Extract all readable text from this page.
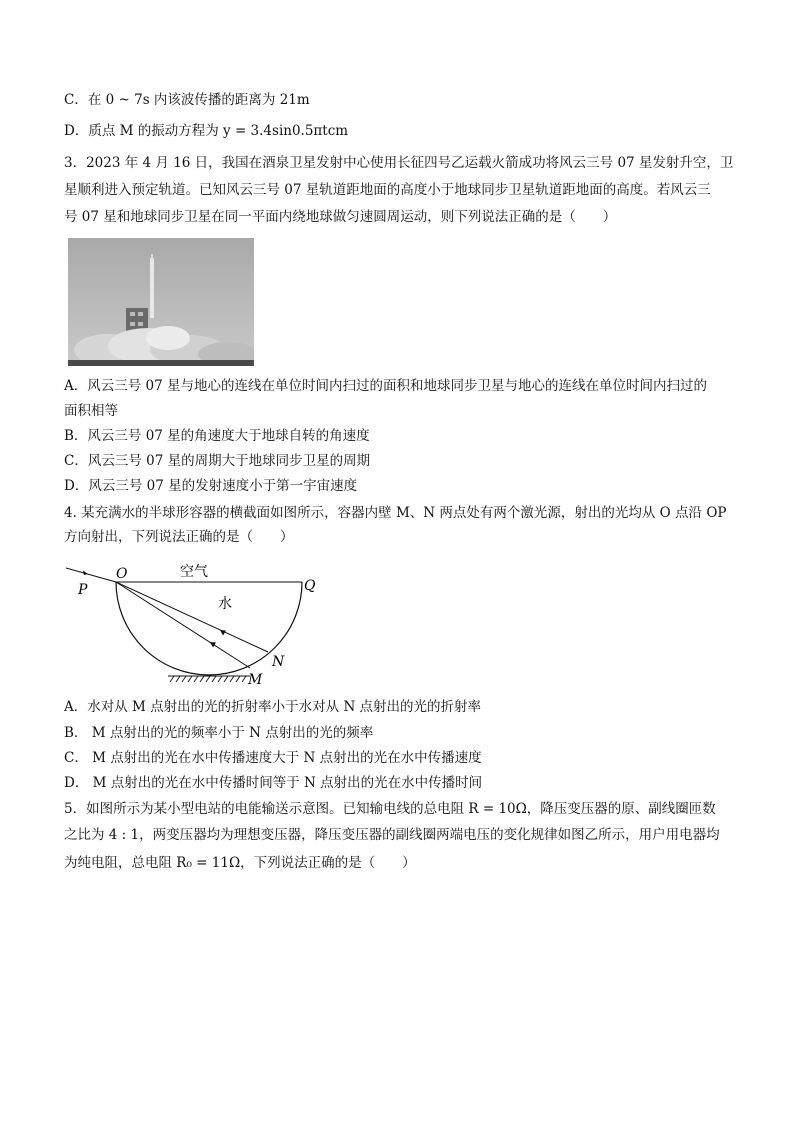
C．在 0 ~ 7s 内该波传播的距离为 21m
D．质点 M 的振动方程为 y = 3.4sin0.5πtcm
3．2023 年 4 月 16 日，我国在酒泉卫星发射中心使用长征四号乙运载火箭成功将风云三号 07 星发射升空，卫
星顺利进入预定轨道。已知风云三号 07 星轨道距地面的高度小于地球同步卫星轨道距地面的高度。若风云三
号 07 星和地球同步卫星在同一平面内绕地球做匀速圆周运动，则下列说法正确的是（　　）
A．风云三号 07 星与地心的连线在单位时间内扫过的面积和地球同步卫星与地心的连线在单位时间内扫过的
面积相等
B．风云三号 07 星的角速度大于地球自转的角速度
C．风云三号 07 星的周期大于地球同步卫星的周期
D．风云三号 07 星的发射速度小于第一宇宙速度
4. 某充满水的半球形容器的横截面如图所示，容器内壁 M、N 两点处有两个激光源，射出的光均从 O 点沿 OP
方向射出，下列说法正确的是（　　）
O
P	Q
空气
水
N
M
A．水对从 M 点射出的光的折射率小于水对从 N 点射出的光的折射率
B． M 点射出的光的频率小于 N 点射出的光的频率
C． M 点射出的光在水中传播速度大于 N 点射出的光在水中传播速度
D． M 点射出的光在水中传播时间等于 N 点射出的光在水中传播时间
5．如图所示为某小型电站的电能输送示意图。已知输电线的总电阻 R = 10Ω，降压变压器的原、副线圈匝数
之比为 4 : 1，两变压器均为理想变压器，降压变压器的副线圈两端电压的变化规律如图乙所示，用户用电器均
为纯电阻，总电阻 R₀ = 11Ω，下列说法正确的是（　　）
